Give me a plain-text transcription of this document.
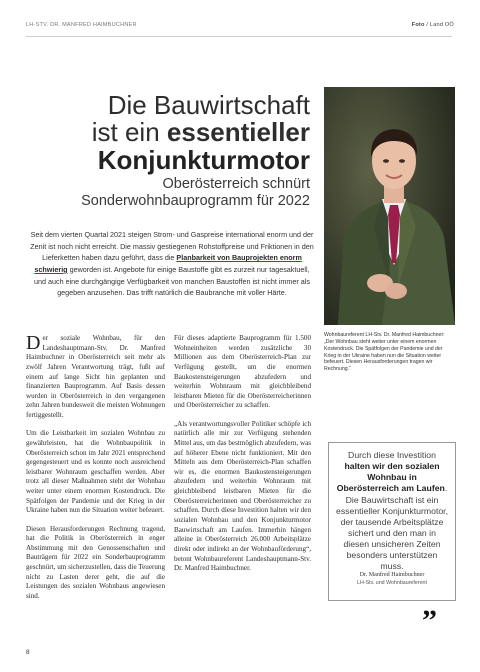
LH-STV. DR. MANFRED HAIMBUCHNER	Foto / Land OÖ
Die Bauwirtschaft
ist ein essentieller
Konjunkturmotor
Oberösterreich schnürt
Sonderwohnbauprogramm für 2022
Seit dem vierten Quartal 2021 steigen Strom- und Gaspreise international enorm und der Zenit ist noch nicht erreicht. Die massiv gestiegenen Rohstoffpreise und Friktionen in den Lieferketten haben dazu geführt, dass die Planbarkeit von Bauprojekten enorm schwierig geworden ist. Angebote für einige Baustoffe gibt es zurzeit nur tagesaktuell, und auch eine durchgängige Verfügbarkeit von manchen Baustoffen ist nicht immer als gegeben anzusehen. Das trifft natürlich die Baubranche mit voller Härte.
Wohnbaureferent LH-Stv. Dr. Manfred Haimbuchner: „Der Wohnbau steht weiter unter einem enormen Kostendruck. Die Spätfolgen der Pandemie und der Krieg in der Ukraine haben nun die Situation weiter befeuert. Diesen Herausforderungen tragen wir Rechnung.“

Der soziale Wohnbau, für den Landeshauptmann-Stv. Dr. Manfred Haimbuchner in Oberösterreich seit mehr als zwölf Jahren Verantwortung trägt, fußt auf einem auf lange Sicht hin geplanten und finanzierten Bauprogramm. Auf Basis dessen wurden in Oberösterreich in den vergangenen zehn Jahren bundesweit die meisten Wohnungen fertiggestellt.

Um die Leistbarkeit im sozialen Wohnbau zu gewährleisten, hat die Wohnbaupolitik in Oberösterreich schon im Jahr 2021 entsprechend gegengesteuert und es konnte noch ausreichend leistbarer Wohnraum geschaffen werden. Aber trotz all dieser Maßnahmen steht der Wohnbau weiter unter einem enormen Kostendruck. Die Spätfolgen der Pandemie und der Krieg in der Ukraine haben nun die Situation weiter befeuert.

Diesen Herausforderungen Rechnung tragend, hat die Politik in Oberösterreich in enger Abstimmung mit den Genossenschaften und Bauträgern für 2022 ein Sonderbauprogramm geschnürt, um sicherzustellen, dass die Teuerung nicht zu Lasten derer geht, die auf die Leistungen des sozialen Wohnbaus angewiesen sind.

Für dieses adaptierte Bauprogramm für 1.500 Wohneinheiten werden zusätzliche 30 Millionen aus dem Oberösterreich-Plan zur Verfügung gestellt, um die enormen Baukostensteigerungen abzufedern und weiterhin Wohnraum mit gleichbleibend leistbaren Mieten für die Oberösterreicherinnen und Oberösterreicher zu schaffen.

„Als verantwortungsvoller Politiker schöpfe ich natürlich alle mir zur Verfügung stehenden Mittel aus, um das bestmöglich abzufedern, was auf höherer Ebene nicht funktioniert. Mit den Mitteln aus dem Oberösterreich-Plan schaffen wir es, die enormen Baukostensteigerungen abzufedern und weiterhin Wohnraum mit gleichbleibend leistbaren Mieten für die Oberösterreicherinnen und Oberösterreicher zu schaffen. Durch diese Investition halten wir den sozialen Wohnbau und den Konjunkturmotor Bauwirtschaft am Laufen. Immerhin hängen alleine in Oberösterreich 26.000 Arbeitsplätze direkt oder indirekt an der Wohnbauförderung“, betont Wohnbaureferent Landeshauptmann-Stv. Dr. Manfred Haimbuchner.

Durch diese Investition halten wir den sozialen Wohnbau in Oberösterreich am Laufen. Die Bauwirtschaft ist ein essentieller Konjunkturmotor, der tausende Arbeitsplätze sichert und den man in diesen unsicheren Zeiten besonders unterstützen muss.
Dr. Manfred Haimbuchner
LH-Stv. und Wohnbaureferent
”
8
